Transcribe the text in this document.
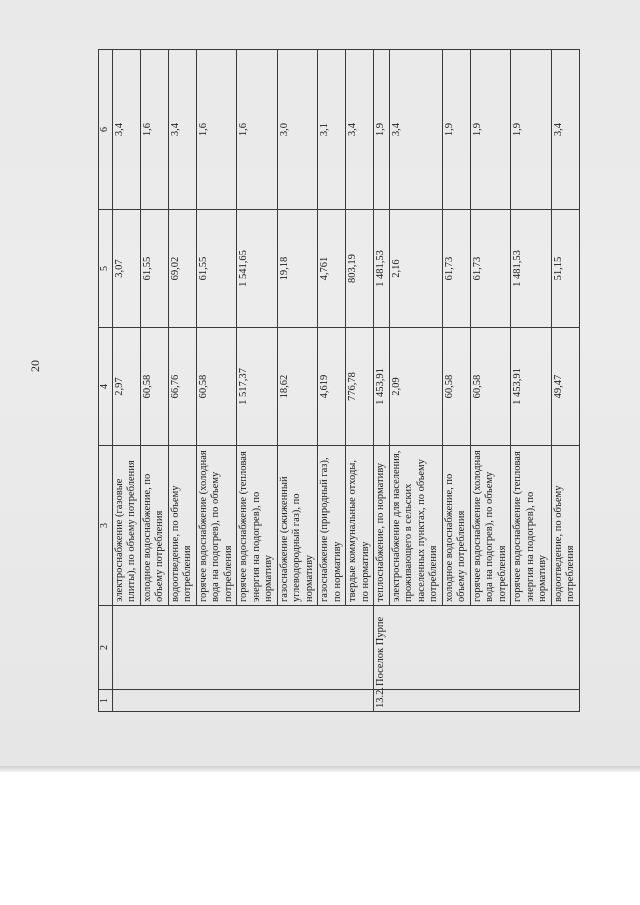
20
1	2	3	4	5	6
		электроснабжение (газовые плиты), по объему потребления	2,97	3,07	3,4
		холодное водоснабжение, по объему потребления	60,58	61,55	1,6
		водоотведение, по объему потребления	66,76	69,02	3,4
		горячее водоснабжение (холодная вода на подогрев), по объему потребления	60,58	61,55	1,6
		горячее водоснабжение (тепловая энергия на подогрев), по нормативу	1 517,37	1 541,65	1,6
		газоснабжение (сжиженный углеводородный газ), по нормативу	18,62	19,18	3,0
		газоснабжение (природный газ), по нормативу	4,619	4,761	3,1
		твердые коммунальные отходы, по нормативу	776,78	803,19	3,4
13.2.	Поселок Пурпе	теплоснабжение, по нормативу	1 453,91	1 481,53	1,9
		электроснабжение для населения, проживающего в сельских населенных пунктах, по объему потребления	2,09	2,16	3,4
		холодное водоснабжение, по объему потребления	60,58	61,73	1,9
		горячее водоснабжение (холодная вода на подогрев), по объему потребления	60,58	61,73	1,9
		горячее водоснабжение (тепловая энергия на подогрев), по нормативу	1 453,91	1 481,53	1,9
		водоотведение, по объему потребления	49,47	51,15	3,4
